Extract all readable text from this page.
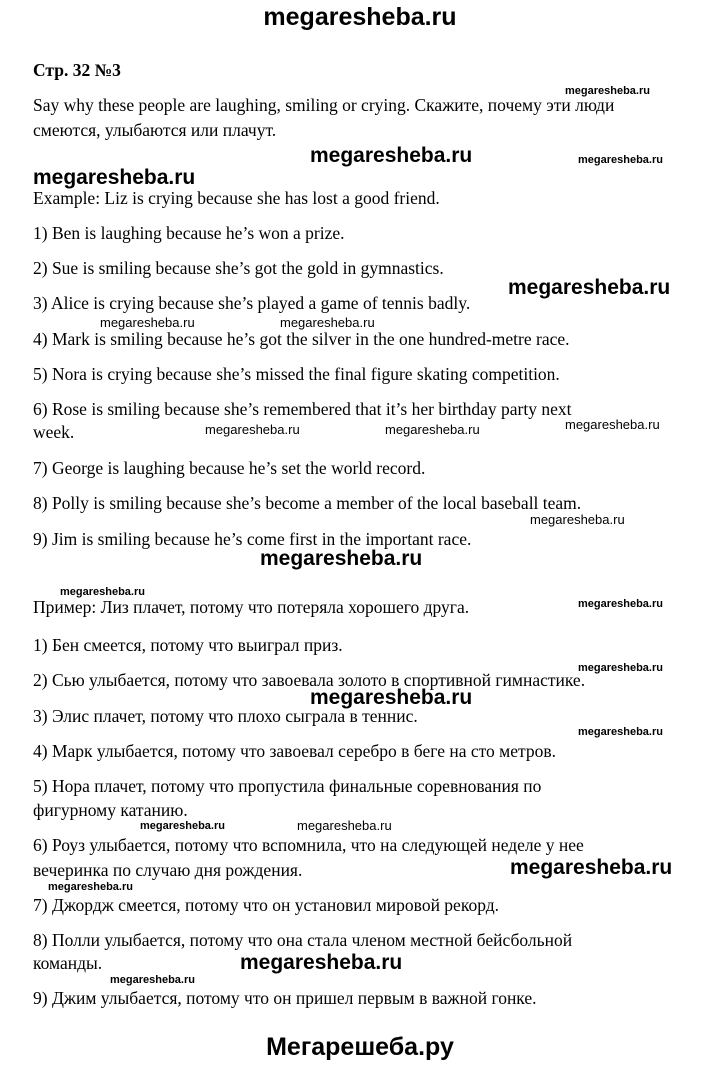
megaresheba.ru
Стр. 32 №3
Say why these people are laughing, smiling or crying. Скажите, почему эти люди
смеются, улыбаются или плачут.
Example: Liz is crying because she has lost a good friend.
1) Ben is laughing because he’s won a prize.
2) Sue is smiling because she’s got the gold in gymnastics.
3) Alice is crying because she’s played a game of tennis badly.
4) Mark is smiling because he’s got the silver in the one hundred-metre race.
5) Nora is crying because she’s missed the final figure skating competition.
6) Rose is smiling because she’s remembered that it’s her birthday party next
week.
7) George is laughing because he’s set the world record.
8) Polly is smiling because she’s become a member of the local baseball team.
9) Jim is smiling because he’s come first in the important race.
Пример: Лиз плачет, потому что потеряла хорошего друга.
1) Бен смеется, потому что выиграл приз.
2) Сью улыбается, потому что завоевала золото в спортивной гимнастике.
3) Элис плачет, потому что плохо сыграла в теннис.
4) Марк улыбается, потому что завоевал серебро в беге на сто метров.
5) Нора плачет, потому что пропустила финальные соревнования по
фигурному катанию.
6) Роуз улыбается, потому что вспомнила, что на следующей неделе у нее
вечеринка по случаю дня рождения.
7) Джордж смеется, потому что он установил мировой рекорд.
8) Полли улыбается, потому что она стала членом местной бейсбольной
команды.
9) Джим улыбается, потому что он пришел первым в важной гонке.
megaresheba.ru
megaresheba.ru
megaresheba.ru
megaresheba.ru
megaresheba.ru
megaresheba.ru	megaresheba.ru
megaresheba.ru	megaresheba.ru	megaresheba.ru
megaresheba.ru
megaresheba.ru
megaresheba.ru
megaresheba.ru
megaresheba.ru
megaresheba.ru
megaresheba.ru
megaresheba.ru	megaresheba.ru
megaresheba.ru
megaresheba.ru
megaresheba.ru
megaresheba.ru
Мегарешеба.ру
